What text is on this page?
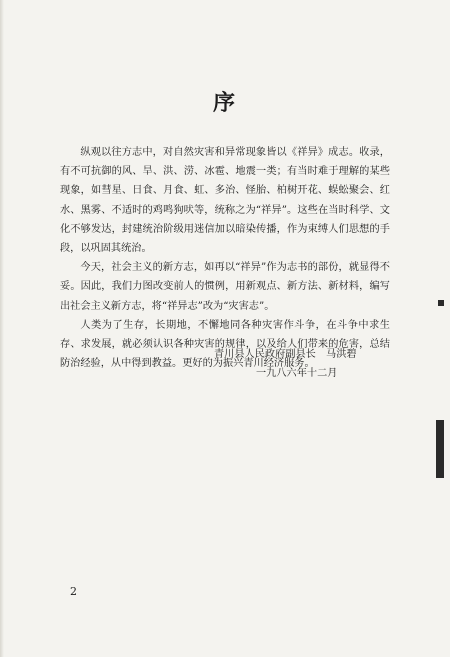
序

纵观以往方志中，对自然灾害和异常现象皆以《祥异》成志。收录，有不可抗御的风、旱、洪、涝、冰雹、地震一类；有当时难于理解的某些现象，如彗星、日食、月食、虹、多治、怪胎、柏树开花、蜈蚣聚会、红水、黑雾、不适时的鸡鸣狗吠等，统称之为“祥异”。这些在当时科学、文化不够发达，封建统治阶级用迷信加以暗染传播，作为束缚人们思想的手段，以巩固其统治。

今天，社会主义的新方志，如再以“祥异”作为志书的部份，就显得不妥。因此，我们力图改变前人的惯例，用新观点、新方法、新材料，编写出社会主义新方志，将“祥异志”改为“灾害志”。

人类为了生存，长期地，不懈地同各种灾害作斗争，在斗争中求生存、求发展，就必须认识各种灾害的规律，以及给人们带来的危害，总结防治经验，从中得到教益。更好的为振兴青川经济服务。

青川县人民政府副县长　马洪碧
一九八六年十二月
2
